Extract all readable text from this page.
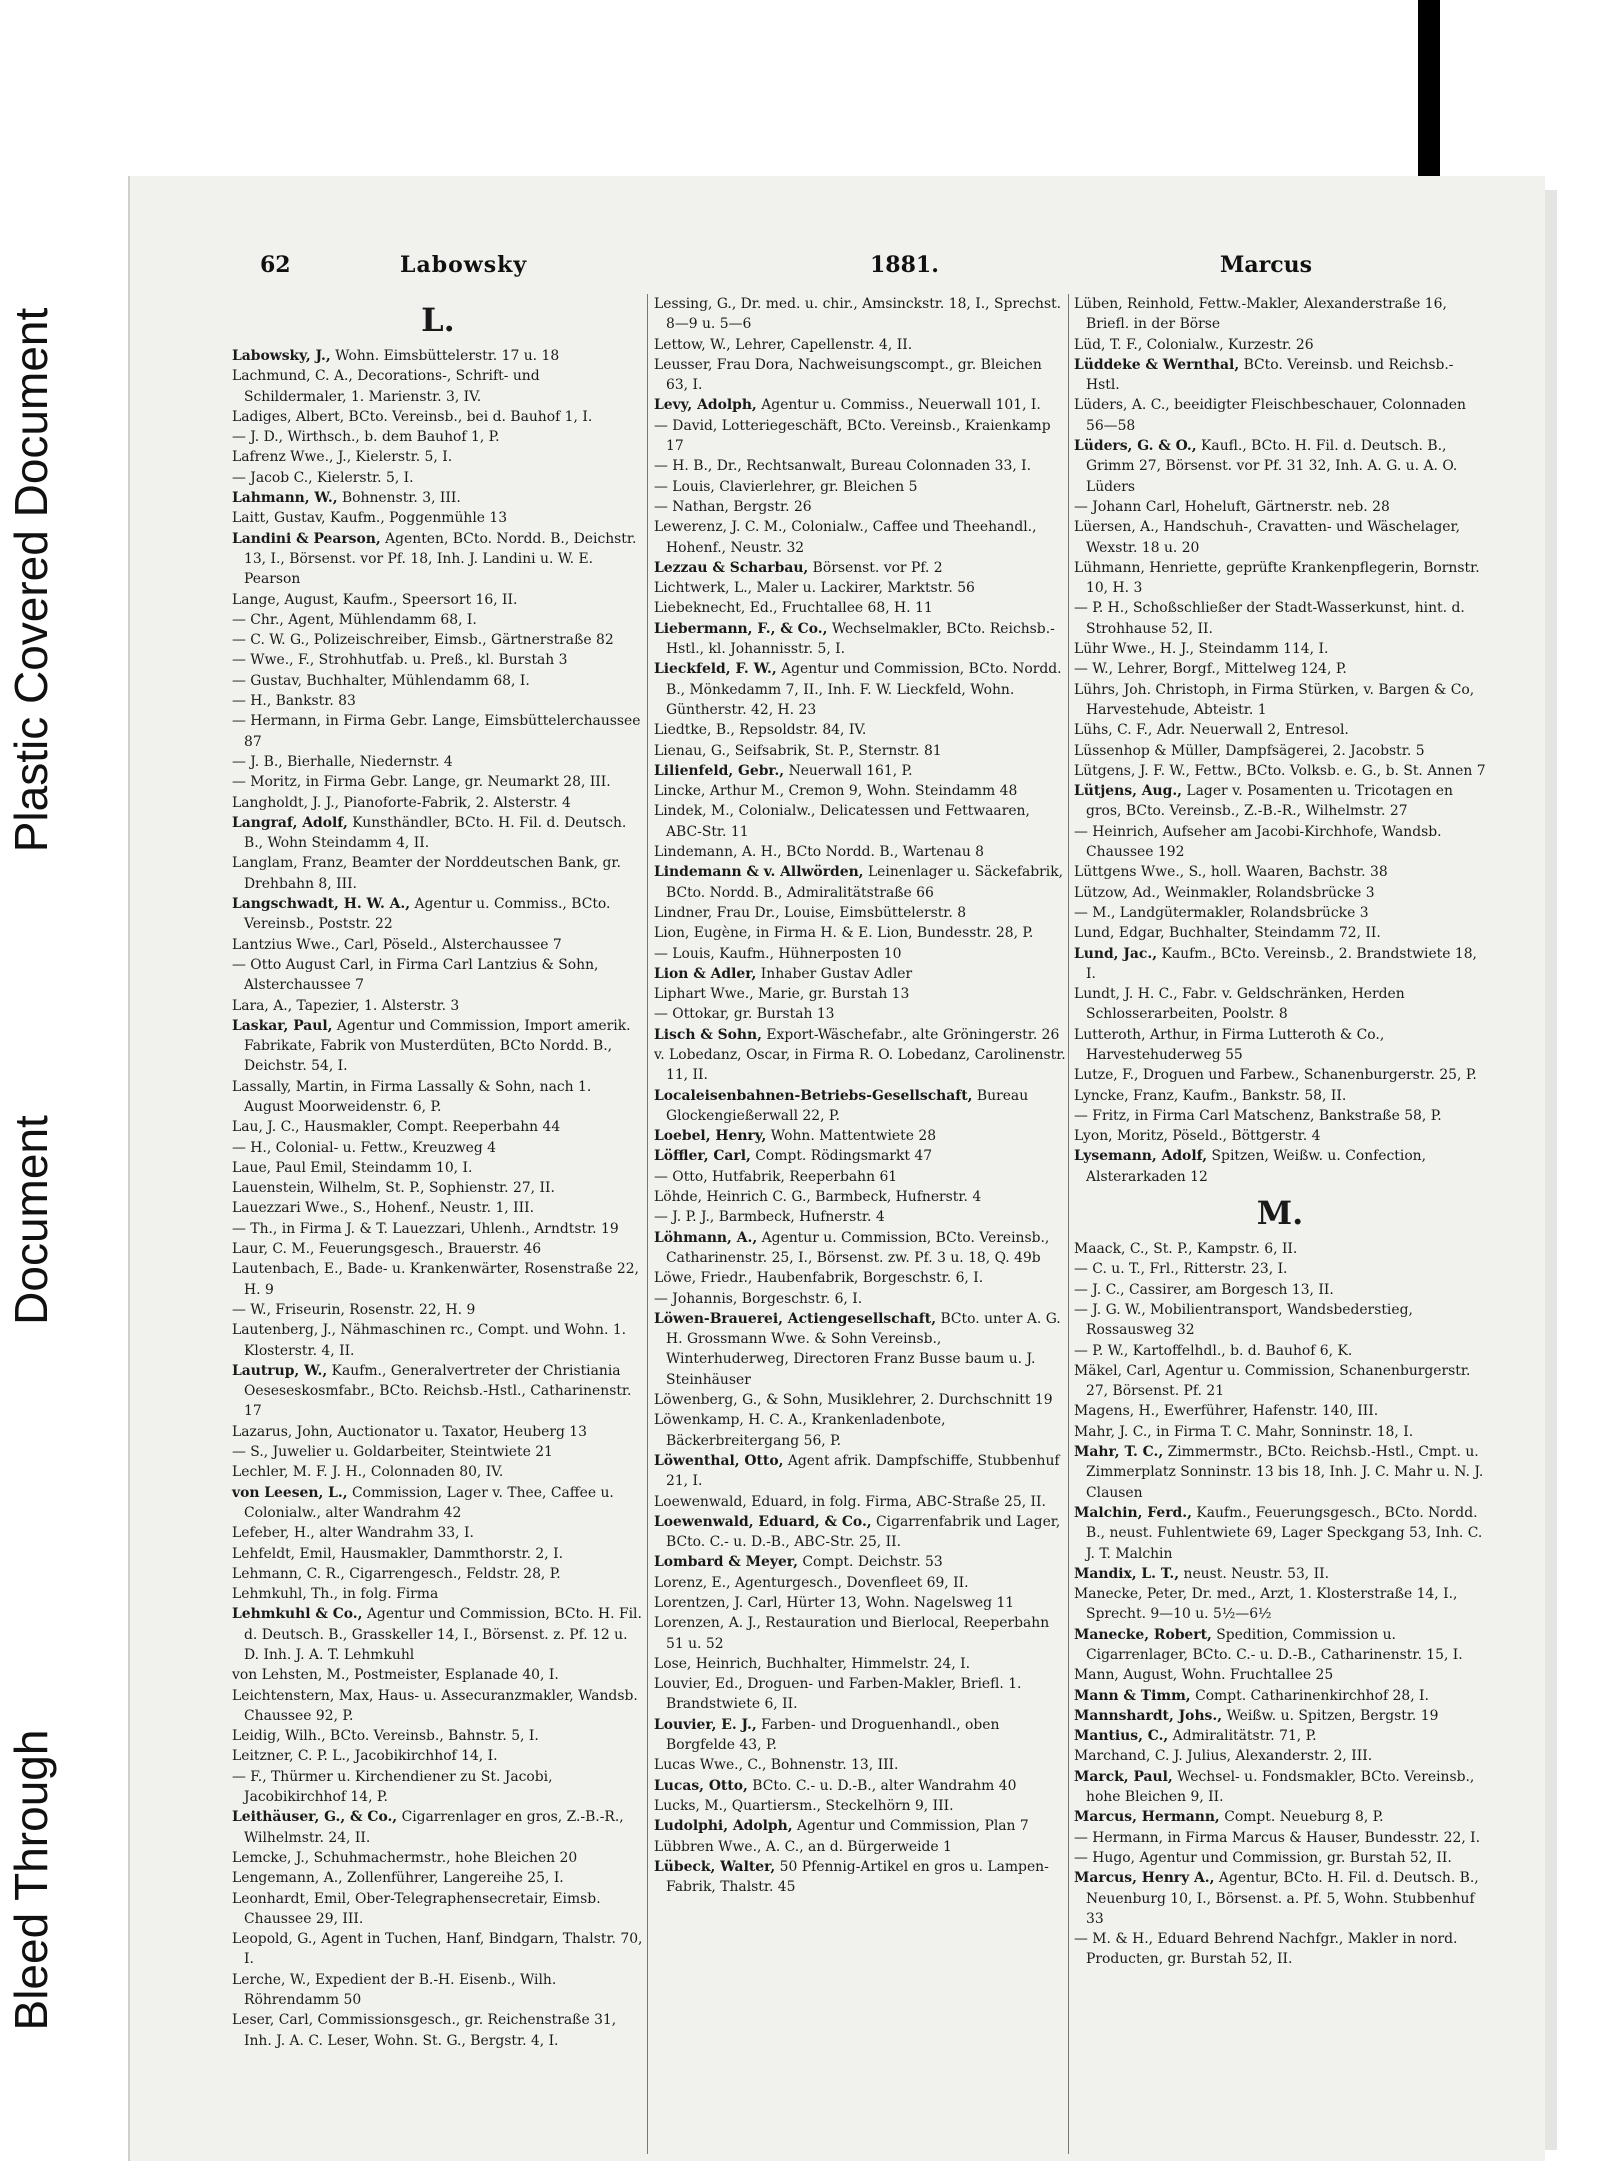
Plastic Covered Document
Document
Bleed Through
62	Labowsky	1881.	Marcus
L.

Labowsky, J., Wohn. Eimsbüttelerstr. 17 u. 18

Lachmund, C. A., Decorations-, Schrift- und Schildermaler, 1. Marienstr. 3, IV.

Ladiges, Albert, BCto. Vereinsb., bei d. Bauhof 1, I.

— J. D., Wirthsch., b. dem Bauhof 1, P.

Lafrenz Wwe., J., Kielerstr. 5, I.

— Jacob C., Kielerstr. 5, I.

Lahmann, W., Bohnenstr. 3, III.

Laitt, Gustav, Kaufm., Poggenmühle 13

Landini & Pearson, Agenten, BCto. Nordd. B., Deichstr. 13, I., Börsenst. vor Pf. 18, Inh. J. Landini u. W. E. Pearson

Lange, August, Kaufm., Speersort 16, II.

— Chr., Agent, Mühlendamm 68, I.

— C. W. G., Polizeischreiber, Eimsb., Gärtnerstraße 82

— Wwe., F., Strohhutfab. u. Preß., kl. Burstah 3

— Gustav, Buchhalter, Mühlendamm 68, I.

— H., Bankstr. 83

— Hermann, in Firma Gebr. Lange, Eimsbüttelerchaussee 87

— J. B., Bierhalle, Niedernstr. 4

— Moritz, in Firma Gebr. Lange, gr. Neumarkt 28, III.

Langholdt, J. J., Pianoforte-Fabrik, 2. Alsterstr. 4

Langraf, Adolf, Kunsthändler, BCto. H. Fil. d. Deutsch. B., Wohn Steindamm 4, II.

Langlam, Franz, Beamter der Norddeutschen Bank, gr. Drehbahn 8, III.

Langschwadt, H. W. A., Agentur u. Commiss., BCto. Vereinsb., Poststr. 22

Lantzius Wwe., Carl, Pöseld., Alsterchaussee 7

— Otto August Carl, in Firma Carl Lantzius & Sohn, Alsterchaussee 7

Lara, A., Tapezier, 1. Alsterstr. 3

Laskar, Paul, Agentur und Commission, Import amerik. Fabrikate, Fabrik von Musterdüten, BCto Nordd. B., Deichstr. 54, I.

Lassally, Martin, in Firma Lassally & Sohn, nach 1. August Moorweidenstr. 6, P.

Lau, J. C., Hausmakler, Compt. Reeperbahn 44

— H., Colonial- u. Fettw., Kreuzweg 4

Laue, Paul Emil, Steindamm 10, I.

Lauenstein, Wilhelm, St. P., Sophienstr. 27, II.

Lauezzari Wwe., S., Hohenf., Neustr. 1, III.

— Th., in Firma J. & T. Lauezzari, Uhlenh., Arndtstr. 19

Laur, C. M., Feuerungsgesch., Brauerstr. 46

Lautenbach, E., Bade- u. Krankenwärter, Rosenstraße 22, H. 9

— W., Friseurin, Rosenstr. 22, H. 9

Lautenberg, J., Nähmaschinen rc., Compt. und Wohn. 1. Klosterstr. 4, II.

Lautrup, W., Kaufm., Generalvertreter der Christiania Oeseseskosmfabr., BCto. Reichsb.-Hstl., Catharinenstr. 17

Lazarus, John, Auctionator u. Taxator, Heuberg 13

— S., Juwelier u. Goldarbeiter, Steintwiete 21

Lechler, M. F. J. H., Colonnaden 80, IV.

von Leesen, L., Commission, Lager v. Thee, Caffee u. Colonialw., alter Wandrahm 42

Lefeber, H., alter Wandrahm 33, I.

Lehfeldt, Emil, Hausmakler, Dammthorstr. 2, I.

Lehmann, C. R., Cigarrengesch., Feldstr. 28, P.

Lehmkuhl, Th., in folg. Firma

Lehmkuhl & Co., Agentur und Commission, BCto. H. Fil. d. Deutsch. B., Grasskeller 14, I., Börsenst. z. Pf. 12 u. D. Inh. J. A. T. Lehmkuhl

von Lehsten, M., Postmeister, Esplanade 40, I.

Leichtenstern, Max, Haus- u. Assecuranzmakler, Wandsb. Chaussee 92, P.

Leidig, Wilh., BCto. Vereinsb., Bahnstr. 5, I.

Leitzner, C. P. L., Jacobikirchhof 14, I.

— F., Thürmer u. Kirchendiener zu St. Jacobi, Jacobikirchhof 14, P.

Leithäuser, G., & Co., Cigarrenlager en gros, Z.-B.-R., Wilhelmstr. 24, II.

Lemcke, J., Schuhmachermstr., hohe Bleichen 20

Lengemann, A., Zollenführer, Langereihe 25, I.

Leonhardt, Emil, Ober-Telegraphensecretair, Eimsb. Chaussee 29, III.

Leopold, G., Agent in Tuchen, Hanf, Bindgarn, Thalstr. 70, I.

Lerche, W., Expedient der B.-H. Eisenb., Wilh. Röhrendamm 50

Leser, Carl, Commissionsgesch., gr. Reichenstraße 31, Inh. J. A. C. Leser, Wohn. St. G., Bergstr. 4, I.

Lessing, G., Dr. med. u. chir., Amsinckstr. 18, I., Sprechst. 8—9 u. 5—6

Lettow, W., Lehrer, Capellenstr. 4, II.

Leusser, Frau Dora, Nachweisungscompt., gr. Bleichen 63, I.

Levy, Adolph, Agentur u. Commiss., Neuerwall 101, I.

— David, Lotteriegeschäft, BCto. Vereinsb., Kraienkamp 17

— H. B., Dr., Rechtsanwalt, Bureau Colonnaden 33, I.

— Louis, Clavierlehrer, gr. Bleichen 5

— Nathan, Bergstr. 26

Lewerenz, J. C. M., Colonialw., Caffee und Theehandl., Hohenf., Neustr. 32

Lezzau & Scharbau, Börsenst. vor Pf. 2

Lichtwerk, L., Maler u. Lackirer, Marktstr. 56

Liebeknecht, Ed., Fruchtallee 68, H. 11

Liebermann, F., & Co., Wechselmakler, BCto. Reichsb.-Hstl., kl. Johannisstr. 5, I.

Lieckfeld, F. W., Agentur und Commission, BCto. Nordd. B., Mönkedamm 7, II., Inh. F. W. Lieckfeld, Wohn. Güntherstr. 42, H. 23

Liedtke, B., Repsoldstr. 84, IV.

Lienau, G., Seifsabrik, St. P., Sternstr. 81

Lilienfeld, Gebr., Neuerwall 161, P.

Lincke, Arthur M., Cremon 9, Wohn. Steindamm 48

Lindek, M., Colonialw., Delicatessen und Fettwaaren, ABC-Str. 11

Lindemann, A. H., BCto Nordd. B., Wartenau 8

Lindemann & v. Allwörden, Leinenlager u. Säckefabrik, BCto. Nordd. B., Admiralitätstraße 66

Lindner, Frau Dr., Louise, Eimsbüttelerstr. 8

Lion, Eugène, in Firma H. & E. Lion, Bundesstr. 28, P.

— Louis, Kaufm., Hühnerposten 10

Lion & Adler, Inhaber Gustav Adler

Liphart Wwe., Marie, gr. Burstah 13

— Ottokar, gr. Burstah 13

Lisch & Sohn, Export-Wäschefabr., alte Gröningerstr. 26

v. Lobedanz, Oscar, in Firma R. O. Lobedanz, Carolinenstr. 11, II.

Localeisenbahnen-Betriebs-Gesellschaft, Bureau Glockengießerwall 22, P.

Loebel, Henry, Wohn. Mattentwiete 28

Löffler, Carl, Compt. Rödingsmarkt 47

— Otto, Hutfabrik, Reeperbahn 61

Löhde, Heinrich C. G., Barmbeck, Hufnerstr. 4

— J. P. J., Barmbeck, Hufnerstr. 4

Löhmann, A., Agentur u. Commission, BCto. Vereinsb., Catharinenstr. 25, I., Börsenst. zw. Pf. 3 u. 18, Q. 49b

Löwe, Friedr., Haubenfabrik, Borgeschstr. 6, I.

— Johannis, Borgeschstr. 6, I.

Löwen-Brauerei, Actiengesellschaft, BCto. unter A. G. H. Grossmann Wwe. & Sohn Vereinsb., Winterhuderweg, Directoren Franz Busse baum u. J. Steinhäuser

Löwenberg, G., & Sohn, Musiklehrer, 2. Durchschnitt 19

Löwenkamp, H. C. A., Krankenladenbote, Bäckerbreitergang 56, P.

Löwenthal, Otto, Agent afrik. Dampfschiffe, Stubbenhuf 21, I.

Loewenwald, Eduard, in folg. Firma, ABC-Straße 25, II.

Loewenwald, Eduard, & Co., Cigarrenfabrik und Lager, BCto. C.- u. D.-B., ABC-Str. 25, II.

Lombard & Meyer, Compt. Deichstr. 53

Lorenz, E., Agenturgesch., Dovenfleet 69, II.

Lorentzen, J. Carl, Hürter 13, Wohn. Nagelsweg 11

Lorenzen, A. J., Restauration und Bierlocal, Reeperbahn 51 u. 52

Lose, Heinrich, Buchhalter, Himmelstr. 24, I.

Louvier, Ed., Droguen- und Farben-Makler, Briefl. 1. Brandstwiete 6, II.

Louvier, E. J., Farben- und Droguenhandl., oben Borgfelde 43, P.

Lucas Wwe., C., Bohnenstr. 13, III.

Lucas, Otto, BCto. C.- u. D.-B., alter Wandrahm 40

Lucks, M., Quartiersm., Steckelhörn 9, III.

Ludolphi, Adolph, Agentur und Commission, Plan 7

Lübbren Wwe., A. C., an d. Bürgerweide 1

Lübeck, Walter, 50 Pfennig-Artikel en gros u. Lampen-Fabrik, Thalstr. 45

Lüben, Reinhold, Fettw.-Makler, Alexanderstraße 16, Briefl. in der Börse

Lüd, T. F., Colonialw., Kurzestr. 26

Lüddeke & Wernthal, BCto. Vereinsb. und Reichsb.-Hstl.

Lüders, A. C., beeidigter Fleischbeschauer, Colonnaden 56—58

Lüders, G. & O., Kaufl., BCto. H. Fil. d. Deutsch. B., Grimm 27, Börsenst. vor Pf. 31 32, Inh. A. G. u. A. O. Lüders

— Johann Carl, Hoheluft, Gärtnerstr. neb. 28

Lüersen, A., Handschuh-, Cravatten- und Wäschelager, Wexstr. 18 u. 20

Lühmann, Henriette, geprüfte Krankenpflegerin, Bornstr. 10, H. 3

— P. H., Schoßschließer der Stadt-Wasserkunst, hint. d. Strohhause 52, II.

Lühr Wwe., H. J., Steindamm 114, I.

— W., Lehrer, Borgf., Mittelweg 124, P.

Lührs, Joh. Christoph, in Firma Stürken, v. Bargen & Co, Harvestehude, Abteistr. 1

Lühs, C. F., Adr. Neuerwall 2, Entresol.

Lüssenhop & Müller, Dampfsägerei, 2. Jacobstr. 5

Lütgens, J. F. W., Fettw., BCto. Volksb. e. G., b. St. Annen 7

Lütjens, Aug., Lager v. Posamenten u. Tricotagen en gros, BCto. Vereinsb., Z.-B.-R., Wilhelmstr. 27

— Heinrich, Aufseher am Jacobi-Kirchhofe, Wandsb. Chaussee 192

Lüttgens Wwe., S., holl. Waaren, Bachstr. 38

Lützow, Ad., Weinmakler, Rolandsbrücke 3

— M., Landgütermakler, Rolandsbrücke 3

Lund, Edgar, Buchhalter, Steindamm 72, II.

Lund, Jac., Kaufm., BCto. Vereinsb., 2. Brandstwiete 18, I.

Lundt, J. H. C., Fabr. v. Geldschränken, Herden Schlosserarbeiten, Poolstr. 8

Lutteroth, Arthur, in Firma Lutteroth & Co., Harvestehuderweg 55

Lutze, F., Droguen und Farbew., Schanenburgerstr. 25, P.

Lyncke, Franz, Kaufm., Bankstr. 58, II.

— Fritz, in Firma Carl Matschenz, Bankstraße 58, P.

Lyon, Moritz, Pöseld., Böttgerstr. 4

Lysemann, Adolf, Spitzen, Weißw. u. Confection, Alsterarkaden 12

M.

Maack, C., St. P., Kampstr. 6, II.

— C. u. T., Frl., Ritterstr. 23, I.

— J. C., Cassirer, am Borgesch 13, II.

— J. G. W., Mobilientransport, Wandsbederstieg, Rossausweg 32

— P. W., Kartoffelhdl., b. d. Bauhof 6, K.

Mäkel, Carl, Agentur u. Commission, Schanenburgerstr. 27, Börsenst. Pf. 21

Magens, H., Ewerführer, Hafenstr. 140, III.

Mahr, J. C., in Firma T. C. Mahr, Sonninstr. 18, I.

Mahr, T. C., Zimmermstr., BCto. Reichsb.-Hstl., Cmpt. u. Zimmerplatz Sonninstr. 13 bis 18, Inh. J. C. Mahr u. N. J. Clausen

Malchin, Ferd., Kaufm., Feuerungsgesch., BCto. Nordd. B., neust. Fuhlentwiete 69, Lager Speckgang 53, Inh. C. J. T. Malchin

Mandix, L. T., neust. Neustr. 53, II.

Manecke, Peter, Dr. med., Arzt, 1. Klosterstraße 14, I., Sprecht. 9—10 u. 5½—6½

Manecke, Robert, Spedition, Commission u. Cigarrenlager, BCto. C.- u. D.-B., Catharinenstr. 15, I.

Mann, August, Wohn. Fruchtallee 25

Mann & Timm, Compt. Catharinenkirchhof 28, I.

Mannshardt, Johs., Weißw. u. Spitzen, Bergstr. 19

Mantius, C., Admiralitätstr. 71, P.

Marchand, C. J. Julius, Alexanderstr. 2, III.

Marck, Paul, Wechsel- u. Fondsmakler, BCto. Vereinsb., hohe Bleichen 9, II.

Marcus, Hermann, Compt. Neueburg 8, P.

— Hermann, in Firma Marcus & Hauser, Bundesstr. 22, I.

— Hugo, Agentur und Commission, gr. Burstah 52, II.

Marcus, Henry A., Agentur, BCto. H. Fil. d. Deutsch. B., Neuenburg 10, I., Börsenst. a. Pf. 5, Wohn. Stubbenhuf 33

— M. & H., Eduard Behrend Nachfgr., Makler in nord. Producten, gr. Burstah 52, II.
